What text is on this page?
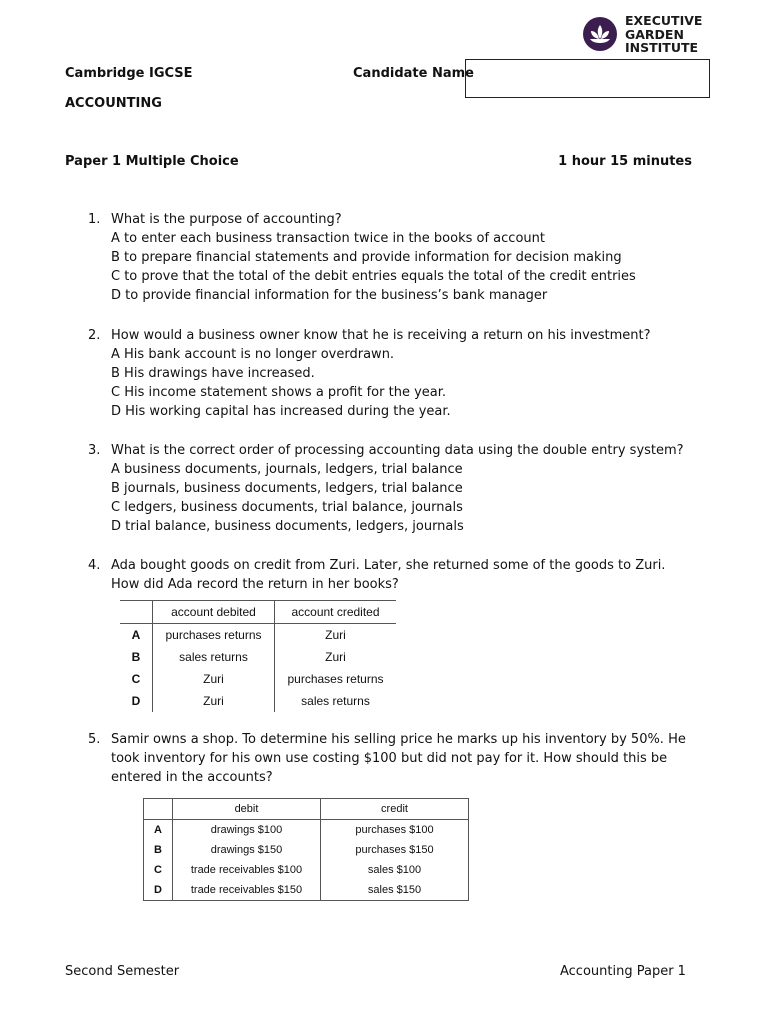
EXECUTIVE
GARDEN
INSTITUTE
Cambridge IGCSE
ACCOUNTING
Candidate Name
Paper 1 Multiple Choice	1 hour 15 minutes
1. What is the purpose of accounting?
A to enter each business transaction twice in the books of account
B to prepare financial statements and provide information for decision making
C to prove that the total of the debit entries equals the total of the credit entries
D to provide financial information for the business’s bank manager
2. How would a business owner know that he is receiving a return on his investment?
A His bank account is no longer overdrawn.
B His drawings have increased.
C His income statement shows a profit for the year.
D His working capital has increased during the year.
3. What is the correct order of processing accounting data using the double entry system?
A business documents, journals, ledgers, trial balance
B journals, business documents, ledgers, trial balance
C ledgers, business documents, trial balance, journals
D trial balance, business documents, ledgers, journals
4. Ada bought goods on credit from Zuri. Later, she returned some of the goods to Zuri.
How did Ada record the return in her books?
	account debited	account credited
A	purchases returns	Zuri
B	sales returns	Zuri
C	Zuri	purchases returns
D	Zuri	sales returns
5. Samir owns a shop. To determine his selling price he marks up his inventory by 50%. He took inventory for his own use costing $100 but did not pay for it. How should this be entered in the accounts?
	debit	credit
A	drawings $100	purchases $100
B	drawings $150	purchases $150
C	trade receivables $100	sales $100
D	trade receivables $150	sales $150
Second Semester	Accounting Paper 1
